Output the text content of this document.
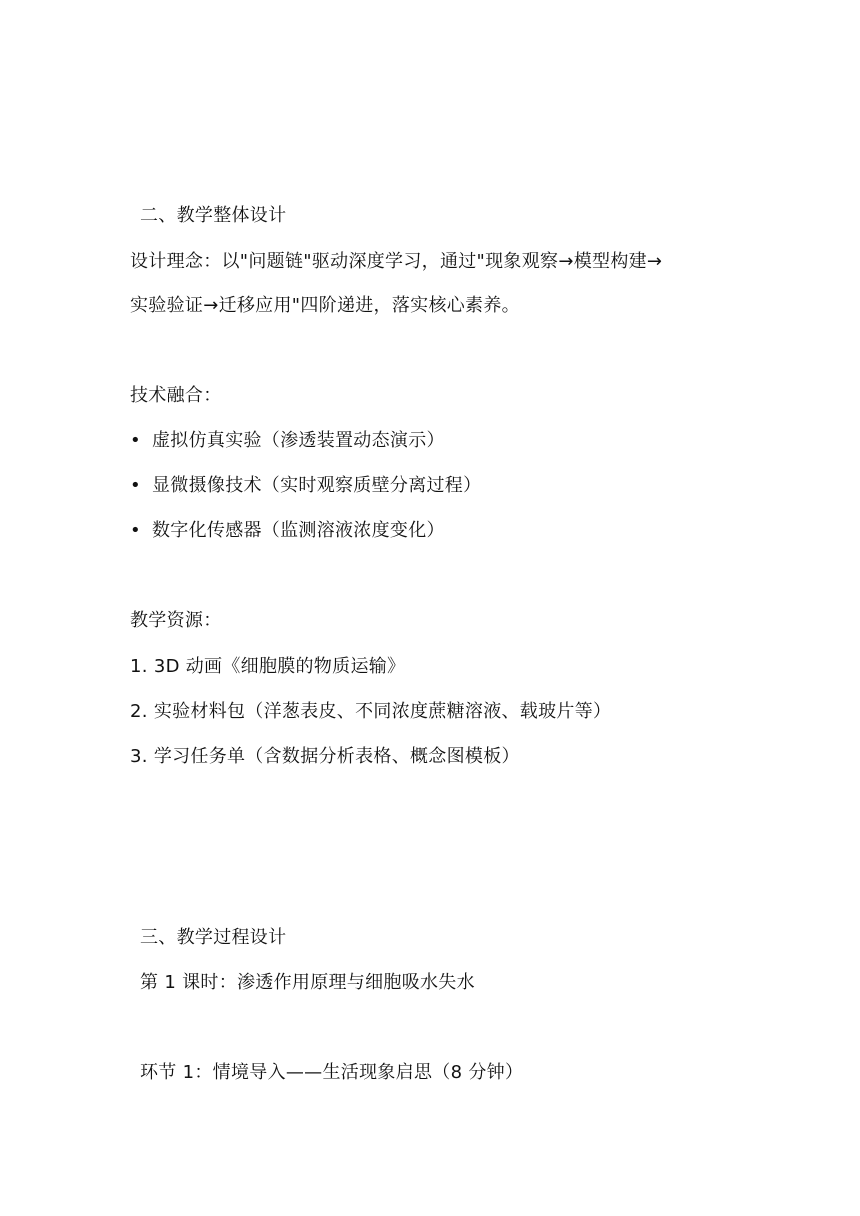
二、教学整体设计
设计理念：以"问题链"驱动深度学习，通过"现象观察→模型构建→
实验验证→迁移应用"四阶递进，落实核心素养。
技术融合：
• 虚拟仿真实验（渗透装置动态演示）
• 显微摄像技术（实时观察质壁分离过程）
• 数字化传感器（监测溶液浓度变化）
教学资源：
1. 3D 动画《细胞膜的物质运输》
2. 实验材料包（洋葱表皮、不同浓度蔗糖溶液、载玻片等）
3. 学习任务单（含数据分析表格、概念图模板）
三、教学过程设计
第 1 课时：渗透作用原理与细胞吸水失水
环节 1：情境导入——生活现象启思（8 分钟）
